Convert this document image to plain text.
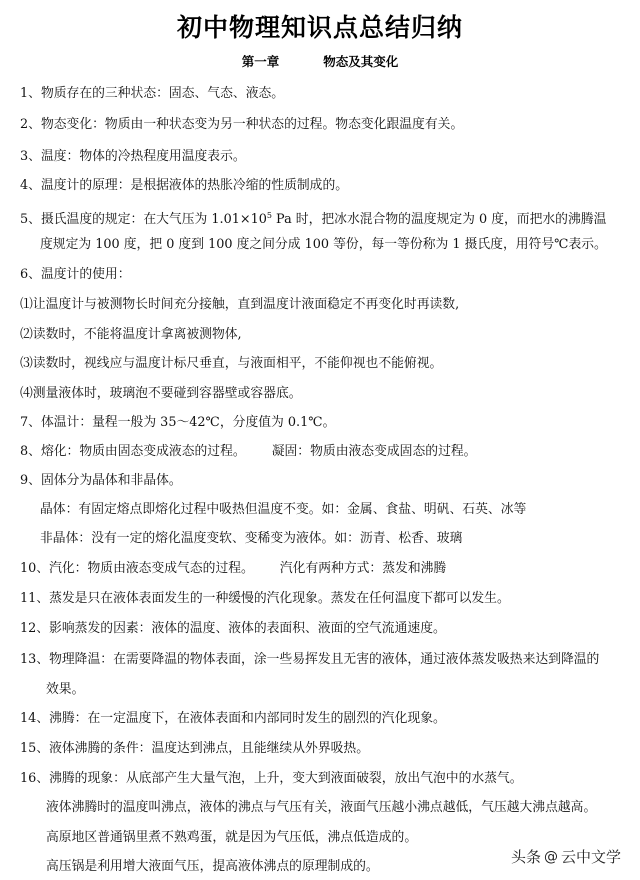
初中物理知识点总结归纳
第一章	物态及其变化
1、物质存在的三种状态：固态、气态、液态。
2、物态变化：物质由一种状态变为另一种状态的过程。物态变化跟温度有关。
3、温度：物体的冷热程度用温度表示。
4、温度计的原理：是根据液体的热胀冷缩的性质制成的。
5、摄氏温度的规定：在大气压为 $1.01\times 10^5$ Pa 时，把冰水混合物的温度规定为 0 度，而把水的沸腾温
度规定为 100 度，把 0 度到 100 度之间分成 100 等份，每一等份称为 1 摄氏度，用符号℃表示。
6、温度计的使用：
⑴让温度计与被测物长时间充分接触，直到温度计液面稳定不再变化时再读数,
⑵读数时，不能将温度计拿离被测物体,
⑶读数时，视线应与温度计标尺垂直，与液面相平，不能仰视也不能俯视。
⑷测量液体时，玻璃泡不要碰到容器壁或容器底。
7、体温计：量程一般为 35～42℃，分度值为 0.1℃。
8、熔化：物质由固态变成液态的过程。 凝固：物质由液态变成固态的过程。
9、固体分为晶体和非晶体。
晶体：有固定熔点即熔化过程中吸热但温度不变。如：金属、食盐、明矾、石英、冰等
非晶体：没有一定的熔化温度变软、变稀变为液体。如：沥青、松香、玻璃
10、汽化：物质由液态变成气态的过程。 汽化有两种方式：蒸发和沸腾
11、蒸发是只在液体表面发生的一种缓慢的汽化现象。蒸发在任何温度下都可以发生。
12、影响蒸发的因素：液体的温度、液体的表面积、液面的空气流通速度。
13、物理降温：在需要降温的物体表面，涂一些易挥发且无害的液体，通过液体蒸发吸热来达到降温的
效果。
14、沸腾：在一定温度下，在液体表面和内部同时发生的剧烈的汽化现象。
15、液体沸腾的条件：温度达到沸点，且能继续从外界吸热。
16、沸腾的现象：从底部产生大量气泡，上升，变大到液面破裂，放出气泡中的水蒸气。
液体沸腾时的温度叫沸点，液体的沸点与气压有关，液面气压越小沸点越低，气压越大沸点越高。
高原地区普通锅里煮不熟鸡蛋，就是因为气压低，沸点低造成的。
高压锅是利用增大液面气压，提高液体沸点的原理制成的。
头条 @ 云中文学
